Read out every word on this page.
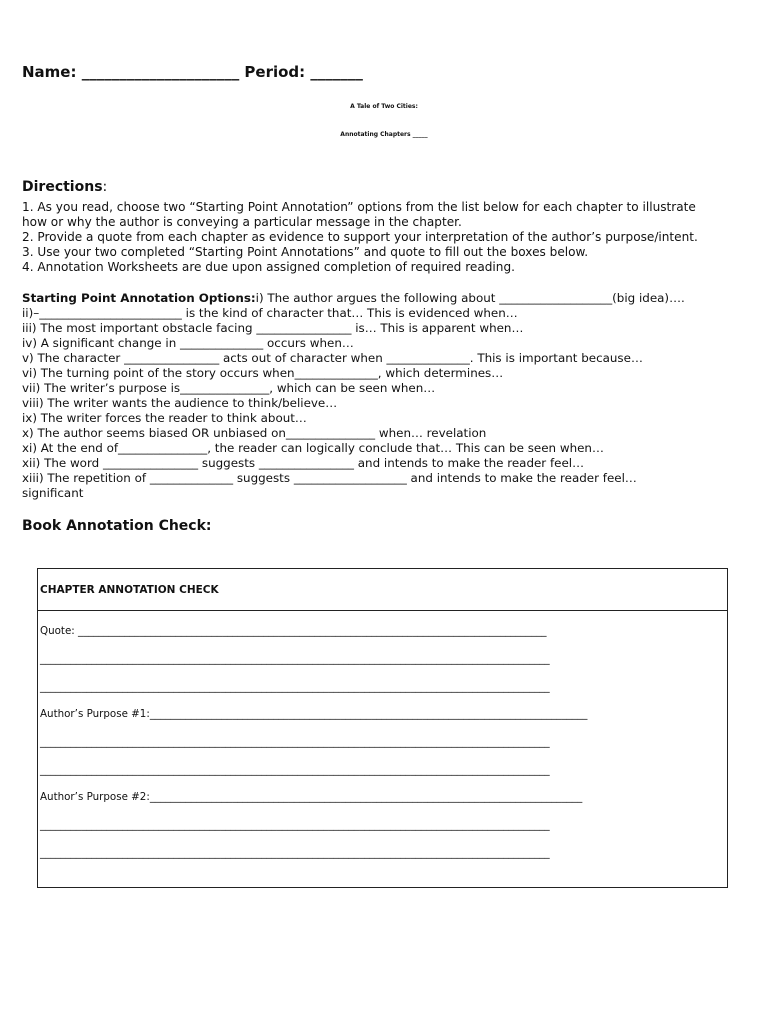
Name: _____________________ Period: _______
A Tale of Two Cities:
Annotating Chapters _____
Directions:
1. As you read, choose two “Starting Point Annotation” options from the list below for each chapter to illustrate
how or why the author is conveying a particular message in the chapter.
2. Provide a quote from each chapter as evidence to support your interpretation of the author’s purpose/intent.
3. Use your two completed “Starting Point Annotations” and quote to fill out the boxes below.
4. Annotation Worksheets are due upon assigned completion of required reading.
Starting Point Annotation Options:i) The author argues the following about ___________________(big idea)….
ii)–________________________ is the kind of character that… This is evidenced when…
iii) The most important obstacle facing ________________ is… This is apparent when…
iv) A significant change in ______________ occurs when…
v) The character ________________ acts out of character when ______________. This is important because…
vi) The turning point of the story occurs when______________, which determines…
vii) The writer’s purpose is_______________, which can be seen when…
viii) The writer wants the audience to think/believe…
ix) The writer forces the reader to think about…
x) The author seems biased OR unbiased on_______________ when… revelation
xi) At the end of_______________, the reader can logically conclude that… This can be seen when…
xii) The word ________________ suggests ________________ and intends to make the reader feel…
xiii) The repetition of ______________ suggests ___________________ and intends to make the reader feel…
significant
Book Annotation Check:
CHAPTER ANNOTATION CHECK
Quote: ___________________________________________________________________________________________
___________________________________________________________________________________________________
___________________________________________________________________________________________________
Author’s Purpose #1:_____________________________________________________________________________________
___________________________________________________________________________________________________
___________________________________________________________________________________________________
Author’s Purpose #2:____________________________________________________________________________________
___________________________________________________________________________________________________
___________________________________________________________________________________________________
